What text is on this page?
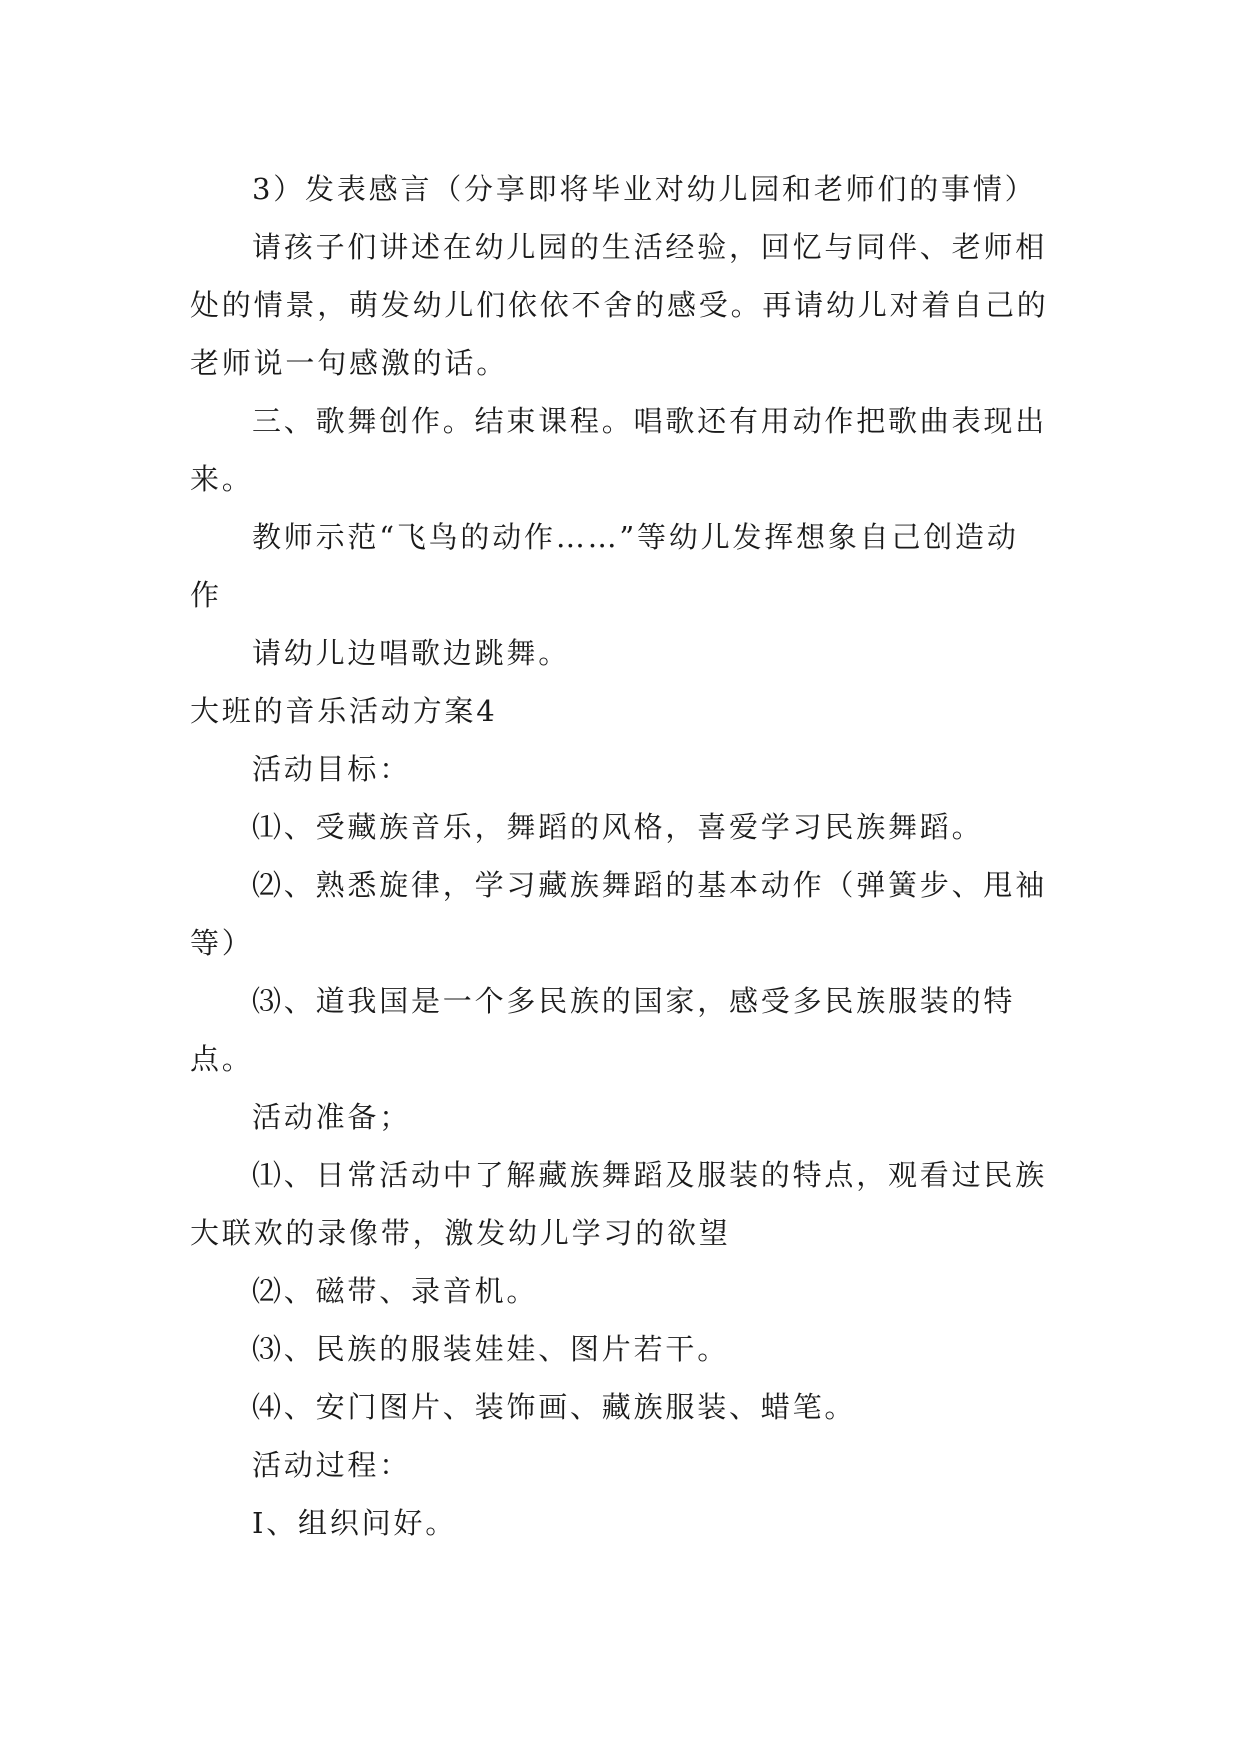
3）发表感言（分享即将毕业对幼儿园和老师们的事情）

请孩子们讲述在幼儿园的生活经验，回忆与同伴、老师相处的情景，萌发幼儿们依依不舍的感受。再请幼儿对着自己的老师说一句感激的话。

三、歌舞创作。结束课程。唱歌还有用动作把歌曲表现出来。

教师示范“飞鸟的动作……”等幼儿发挥想象自己创造动作

请幼儿边唱歌边跳舞。

大班的音乐活动方案4

活动目标：

⑴、受藏族音乐，舞蹈的风格，喜爱学习民族舞蹈。

⑵、熟悉旋律，学习藏族舞蹈的基本动作（弹簧步、甩袖等）

⑶、道我国是一个多民族的国家，感受多民族服装的特点。

活动准备；

⑴、日常活动中了解藏族舞蹈及服装的特点，观看过民族大联欢的录像带，激发幼儿学习的欲望

⑵、磁带、录音机。

⑶、民族的服装娃娃、图片若干。

⑷、安门图片、装饰画、藏族服装、蜡笔。

活动过程：

Ⅰ、组织问好。
